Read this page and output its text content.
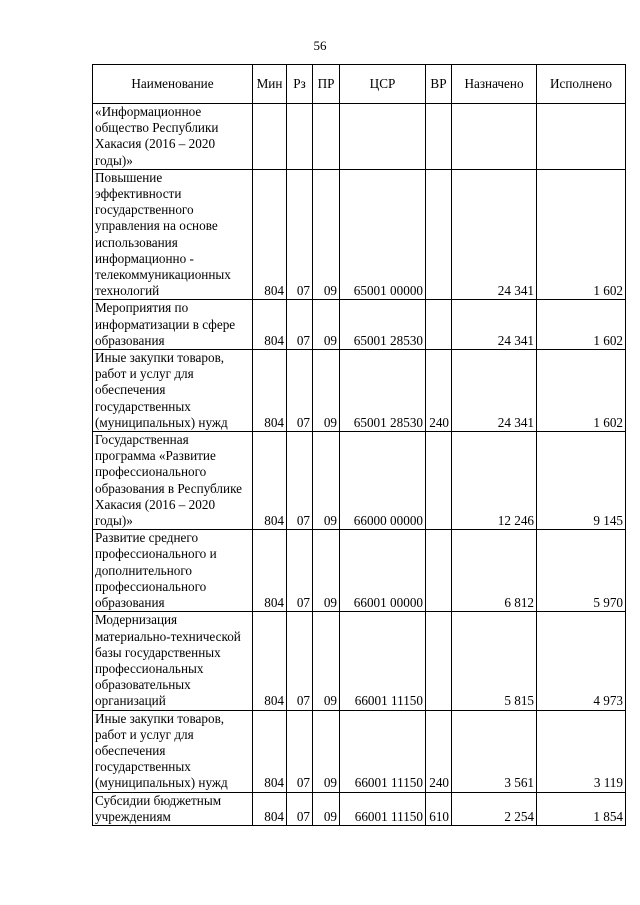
56
Наименование	Мин	Рз	ПР	ЦСР	ВР	Назначено	Исполнено
«Информационное общество Республики Хакасия (2016 – 2020 годы)»							
Повышение эффективности государственного управления на основе использования информационно - телекоммуникационных технологий	804	07	09	65001 00000		24 341	1 602
Мероприятия по информатизации в сфере образования	804	07	09	65001 28530		24 341	1 602
Иные закупки товаров, работ и услуг для обеспечения государственных (муниципальных) нужд	804	07	09	65001 28530	240	24 341	1 602
Государственная программа «Развитие профессионального образования в Республике Хакасия (2016 – 2020 годы)»	804	07	09	66000 00000		12 246	9 145
Развитие среднего профессионального и дополнительного профессионального образования	804	07	09	66001 00000		6 812	5 970
Модернизация материально-технической базы государственных профессиональных образовательных организаций	804	07	09	66001 11150		5 815	4 973
Иные закупки товаров, работ и услуг для обеспечения государственных (муниципальных) нужд	804	07	09	66001 11150	240	3 561	3 119
Субсидии бюджетным учреждениям	804	07	09	66001 11150	610	2 254	1 854
